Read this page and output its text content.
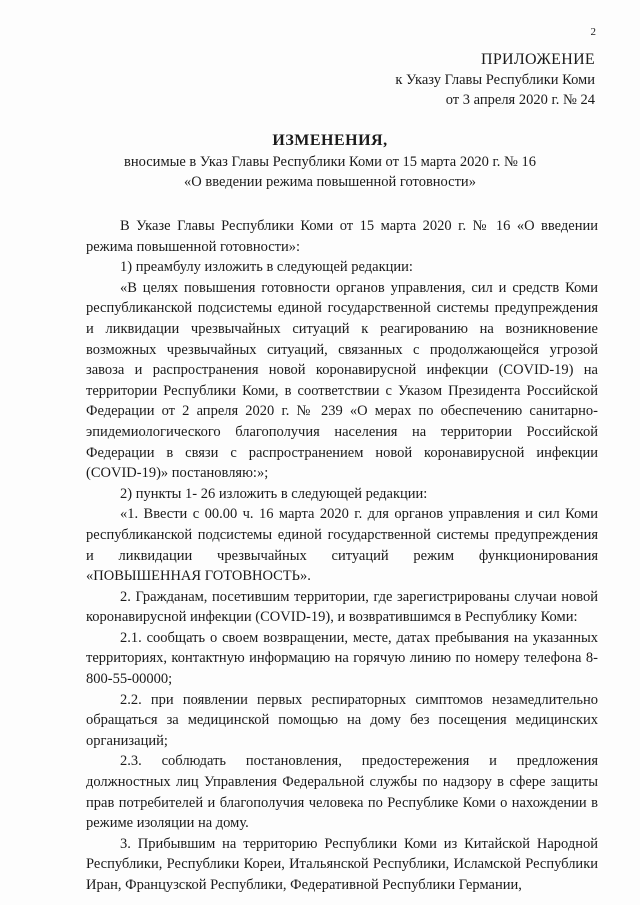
2
ПРИЛОЖЕНИЕ
к Указу Главы Республики Коми
от 3 апреля 2020 г. № 24
ИЗМЕНЕНИЯ,
вносимые в Указ Главы Республики Коми от 15 марта 2020 г. № 16
«О введении режима повышенной готовности»

В Указе Главы Республики Коми от 15 марта 2020 г. № 16 «О введении режима повышенной готовности»:

1) преамбулу изложить в следующей редакции:

«В целях повышения готовности органов управления, сил и средств Коми республиканской подсистемы единой государственной системы предупреждения и ликвидации чрезвычайных ситуаций к реагированию на возникновение возможных чрезвычайных ситуаций, связанных с продолжающейся угрозой завоза и распространения новой коронавирусной инфекции (COVID-19) на территории Республики Коми, в соответствии с Указом Президента Российской Федерации от 2 апреля 2020 г. № 239 «О мерах по обеспечению санитарно-эпидемиологического благополучия населения на территории Российской Федерации в связи с распространением новой коронавирусной инфекции (COVID-19)» постановляю:»;

2) пункты 1- 26 изложить в следующей редакции:

«1. Ввести с 00.00 ч. 16 марта 2020 г. для органов управления и сил Коми республиканской подсистемы единой государственной системы предупреждения и ликвидации чрезвычайных ситуаций режим функционирования «ПОВЫШЕННАЯ ГОТОВНОСТЬ».

2. Гражданам, посетившим территории, где зарегистрированы случаи новой коронавирусной инфекции (COVID-19), и возвратившимся в Республику Коми:

2.1. сообщать о своем возвращении, месте, датах пребывания на указанных территориях, контактную информацию на горячую линию по номеру телефона 8-800-55-00000;

2.2. при появлении первых респираторных симптомов незамедлительно обращаться за медицинской помощью на дому без посещения медицинских организаций;

2.3. соблюдать постановления, предостережения и предложения должностных лиц Управления Федеральной службы по надзору в сфере защиты прав потребителей и благополучия человека по Республике Коми о нахождении в режиме изоляции на дому.

3. Прибывшим на территорию Республики Коми из Китайской Народной Республики, Республики Кореи, Итальянской Республики, Исламской Республики Иран, Французской Республики, Федеративной Республики Германии,
